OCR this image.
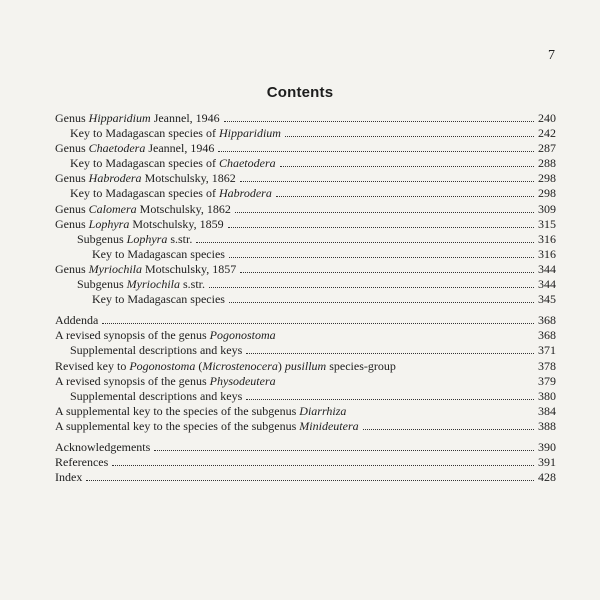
7
Contents
Genus Hipparidium Jeannel, 1946	240
Key to Madagascan species of Hipparidium	242
Genus Chaetodera Jeannel, 1946	287
Key to Madagascan species of Chaetodera	288
Genus Habrodera Motschulsky, 1862	298
Key to Madagascan species of Habrodera	298
Genus Calomera Motschulsky, 1862	309
Genus Lophyra Motschulsky, 1859	315
Subgenus Lophyra s.str.	316
Key to Madagascan species	316
Genus Myriochila Motschulsky, 1857	344
Subgenus Myriochila s.str.	344
Key to Madagascan species	345
Addenda	368
A revised synopsis of the genus Pogonostoma	368
Supplemental descriptions and keys	371
Revised key to Pogonostoma (Microstenocera) pusillum species-group	378
A revised synopsis of the genus Physodeutera	379
Supplemental descriptions and keys	380
A supplemental key to the species of the subgenus Diarrhiza	384
A supplemental key to the species of the subgenus Minideutera	388
Acknowledgements	390
References	391
Index	428
